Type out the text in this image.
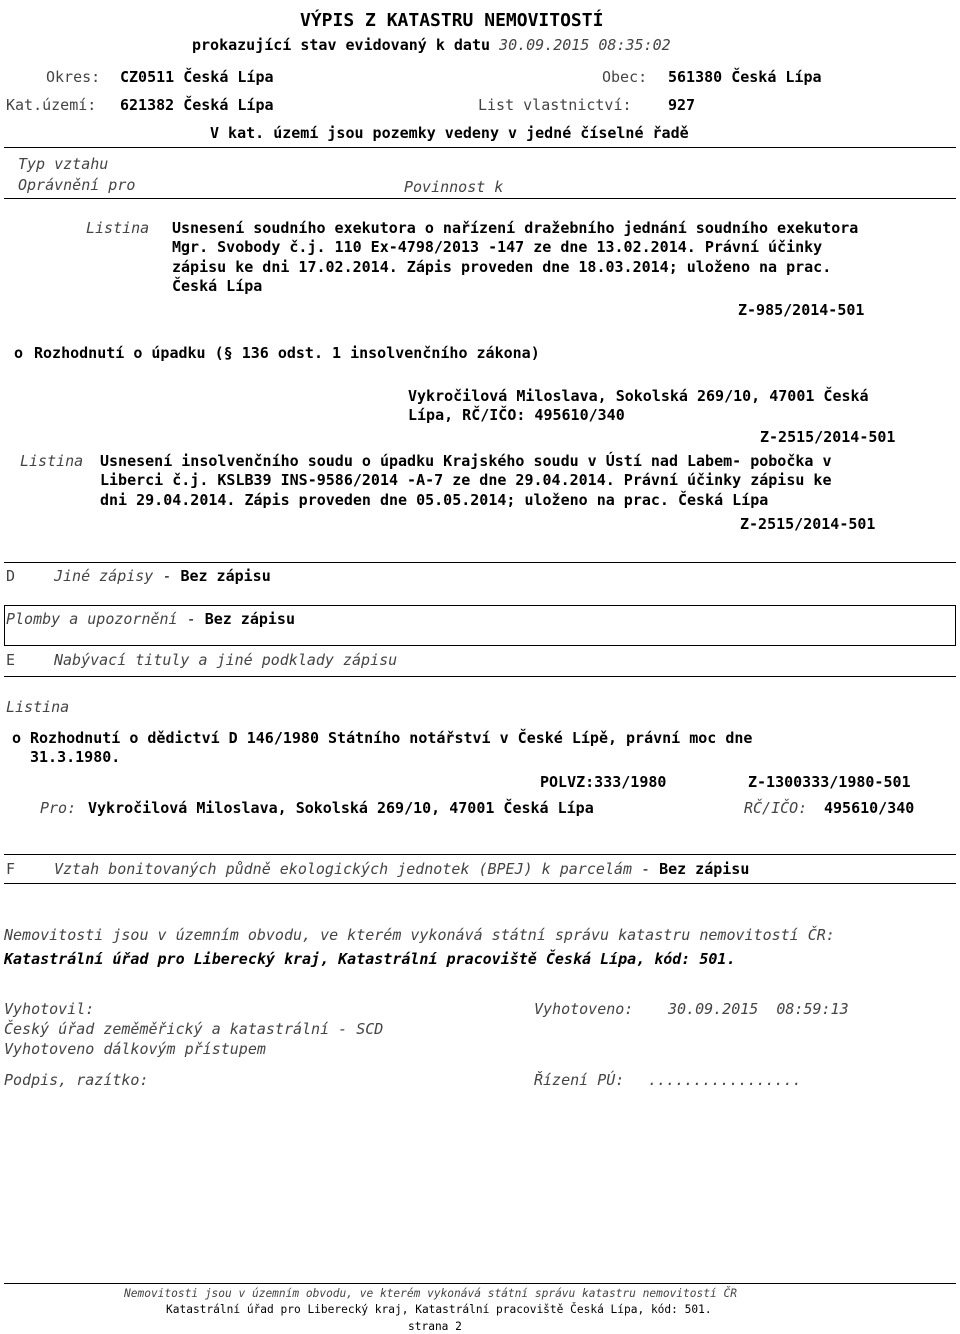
VÝPIS Z KATASTRU NEMOVITOSTÍ
prokazující stav evidovaný k datu 30.09.2015 08:35:02
Okres: CZ0511 Česká Lípa	Obec: 561380 Česká Lípa
Kat.území: 621382 Česká Lípa	List vlastnictví: 927
V kat. území jsou pozemky vedeny v jedné číselné řadě
Typ vztahu
Oprávnění pro	Povinnost k
Listina Usnesení soudního exekutora o nařízení dražebního jednání soudního exekutora
Mgr. Svobody č.j. 110 Ex-4798/2013 -147 ze dne 13.02.2014. Právní účinky
zápisu ke dni 17.02.2014. Zápis proveden dne 18.03.2014; uloženo na prac.
Česká Lípa
Z-985/2014-501
o Rozhodnutí o úpadku (§ 136 odst. 1 insolvenčního zákona)
Vykročilová Miloslava, Sokolská 269/10, 47001 Česká
Lípa, RČ/IČO: 495610/340
Z-2515/2014-501
Listina Usnesení insolvenčního soudu o úpadku Krajského soudu v Ústí nad Labem- pobočka v
Liberci č.j. KSLB39 INS-9586/2014 -A-7 ze dne 29.04.2014. Právní účinky zápisu ke
dni 29.04.2014. Zápis proveden dne 05.05.2014; uloženo na prac. Česká Lípa
Z-2515/2014-501
D	Jiné zápisy - Bez zápisu
Plomby a upozornění - Bez zápisu
E	Nabývací tituly a jiné podklady zápisu
Listina
o Rozhodnutí o dědictví D 146/1980 Státního notářství v České Lípě, právní moc dne
31.3.1980.
POLVZ:333/1980	Z-1300333/1980-501
Pro: Vykročilová Miloslava, Sokolská 269/10, 47001 Česká Lípa	RČ/IČO: 495610/340
F	Vztah bonitovaných půdně ekologických jednotek (BPEJ) k parcelám - Bez zápisu
Nemovitosti jsou v územním obvodu, ve kterém vykonává státní správu katastru nemovitostí ČR:
Katastrální úřad pro Liberecký kraj, Katastrální pracoviště Česká Lípa, kód: 501.
Vyhotovil:
Český úřad zeměměřický a katastrální - SCD
Vyhotoveno dálkovým přístupem
Vyhotoveno: 30.09.2015  08:59:13
Podpis, razítko:	Řízení PÚ: .................
Nemovitosti jsou v územním obvodu, ve kterém vykonává státní správu katastru nemovitostí ČR
Katastrální úřad pro Liberecký kraj, Katastrální pracoviště Česká Lípa, kód: 501.
strana 2
